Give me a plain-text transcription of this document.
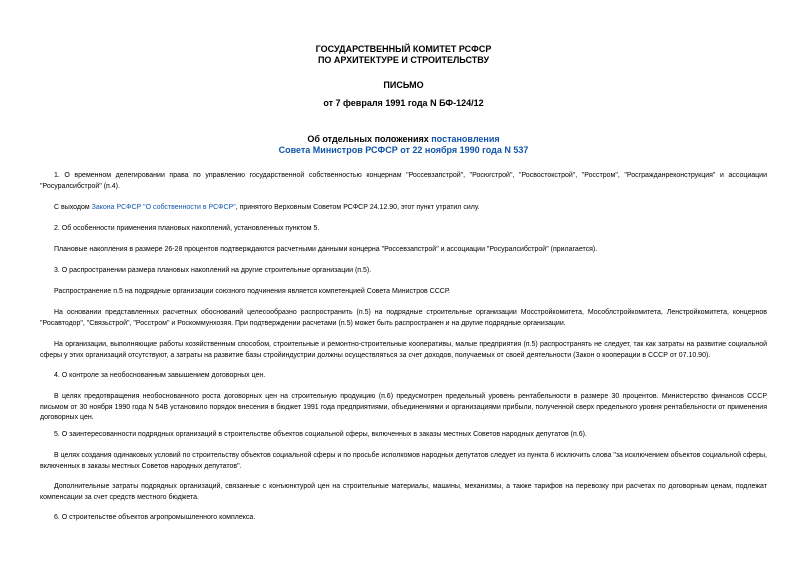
ГОСУДАРСТВЕННЫЙ КОМИТЕТ РСФСР
ПО АРХИТЕКТУРЕ И СТРОИТЕЛЬСТВУ
ПИСЬМО
от 7 февраля 1991 года N БФ-124/12
Об отдельных положениях постановления
Совета Министров РСФСР от 22 ноября 1990 года N 537

1. О временном делегировании права по управлению государственной собственностью концернам "Россевзапстрой", "Росюгстрой", "Росвостокстрой", "Росстром", "Росгражданреконструкция" и ассоциации "Росуралсибстрой" (п.4).

С выходом Закона РСФСР "О собственности в РСФСР", принятого Верховным Советом РСФСР 24.12.90, этот пункт утратил силу.

2. Об особенности применения плановых накоплений, установленных пунктом 5.

Плановые накопления в размере 26-28 процентов подтверждаются расчетными данными концерна "Россевзапстрой" и ассоциации "Росуралсибстрой" (прилагается).

3. О распространении размера плановых накоплений на другие строительные организации (п.5).

Распространение п.5 на подрядные организации союзного подчинения является компетенцией Совета Министров СССР.

На основании представленных расчетных обоснований целесообразно распространить (п.5) на подрядные строительные организации Мосстройкомитета, Мособлстройкомитета, Ленстройкомитета, концернов "Росавтодор", "Связьстрой", "Росстром" и Роскоммунхозяя. При подтверждении расчетами (п.5) может быть распространен и на другие подрядные организации.

На организации, выполняющие работы хозяйственным способом, строительные и ремонтно-строительные кооперативы, малые предприятия (п.5) распространять не следует, так как затраты на развитие социальной сферы у этих организаций отсутствуют, а затраты на развитие базы стройиндустрии должны осуществляться за счет доходов, получаемых от своей деятельности (Закон о кооперации в СССР от 07.10.90).

4. О контроле за необоснованным завышением договорных цен.

В целях предотвращения необоснованного роста договорных цен на строительную продукцию (п.6) предусмотрен предельный уровень рентабельности в размере 30 процентов. Министерство финансов СССР письмом от 30 ноября 1990 года N 54В установило порядок внесения в бюджет 1991 года предприятиями, объединениями и организациями прибыли, полученной сверх предельного уровня рентабельности от применения договорных цен.

5. О заинтересованности подрядных организаций в строительстве объектов социальной сферы, включенных в заказы местных Советов народных депутатов (п.6).

В целях создания одинаковых условий по строительству объектов социальной сферы и по просьбе исполкомов народных депутатов следует из пункта 6 исключить слова "за исключением объектов социальной сферы, включенных в заказы местных Советов народных депутатов".

Дополнительные затраты подрядных организаций, связанные с конъюнктурой цен на строительные материалы, машины, механизмы, а также тарифов на перевозку при расчетах по договорным ценам, подлежат компенсации за счет средств местного бюджета.

6. О строительстве объектов агропромышленного комплекса.
